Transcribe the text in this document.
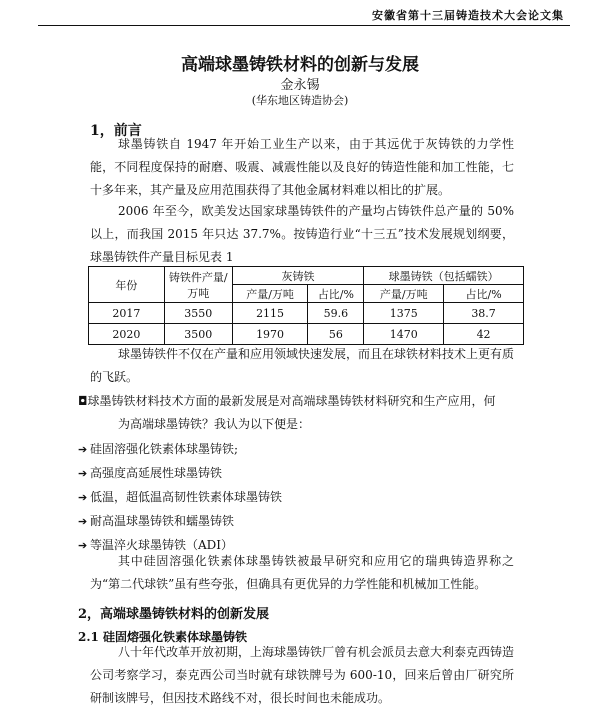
安徽省第十三届铸造技术大会论文集
高端球墨铸铁材料的创新与发展
金永锡
(华东地区铸造协会)
1，前言
球墨铸铁自 1947 年开始工业生产以来，由于其远优于灰铸铁的力学性能，不同程度保持的耐磨、吸震、减震性能以及良好的铸造性能和加工性能，七十多年来，其产量及应用范围获得了其他金属材料难以相比的扩展。
2006 年至今，欧美发达国家球墨铸铁件的产量均占铸铁件总产量的 50%以上，而我国 2015 年只达 37.7%。按铸造行业“十三五”技术发展规划纲要，球墨铸铁件产量目标见表 1
年份	铸铁件产量/万吨	灰铸铁		球墨铸铁（包括蠕铁）	
		产量/万吨	占比/%	产量/万吨	占比/%
2017	3550	2115	59.6	1375	38.7
2020	3500	1970	56	1470	42
球墨铸铁件不仅在产量和应用领域快速发展，而且在球铁材料技术上更有质的飞跃。
◘球墨铸铁材料技术方面的最新发展是对高端球墨铸铁材料研究和生产应用，何
为高端球墨铸铁？我认为以下便是：
➔ 硅固溶强化铁素体球墨铸铁;
➔ 高强度高延展性球墨铸铁
➔ 低温，超低温高韧性铁素体球墨铸铁
➔ 耐高温球墨铸铁和蠕墨铸铁
➔ 等温淬火球墨铸铁（ADI）
其中硅固溶强化铁素体球墨铸铁被最早研究和应用它的瑞典铸造界称之为“第二代球铁”虽有些夸张，但确具有更优异的力学性能和机械加工性能。
2，高端球墨铸铁材料的创新发展
2.1 硅固熔强化铁素体球墨铸铁
八十年代改革开放初期，上海球墨铸铁厂曾有机会派员去意大利泰克西铸造公司考察学习，泰克西公司当时就有球铁牌号为 600-10，回来后曾由厂研究所研制该牌号，但因技术路线不对，很长时间也未能成功。
